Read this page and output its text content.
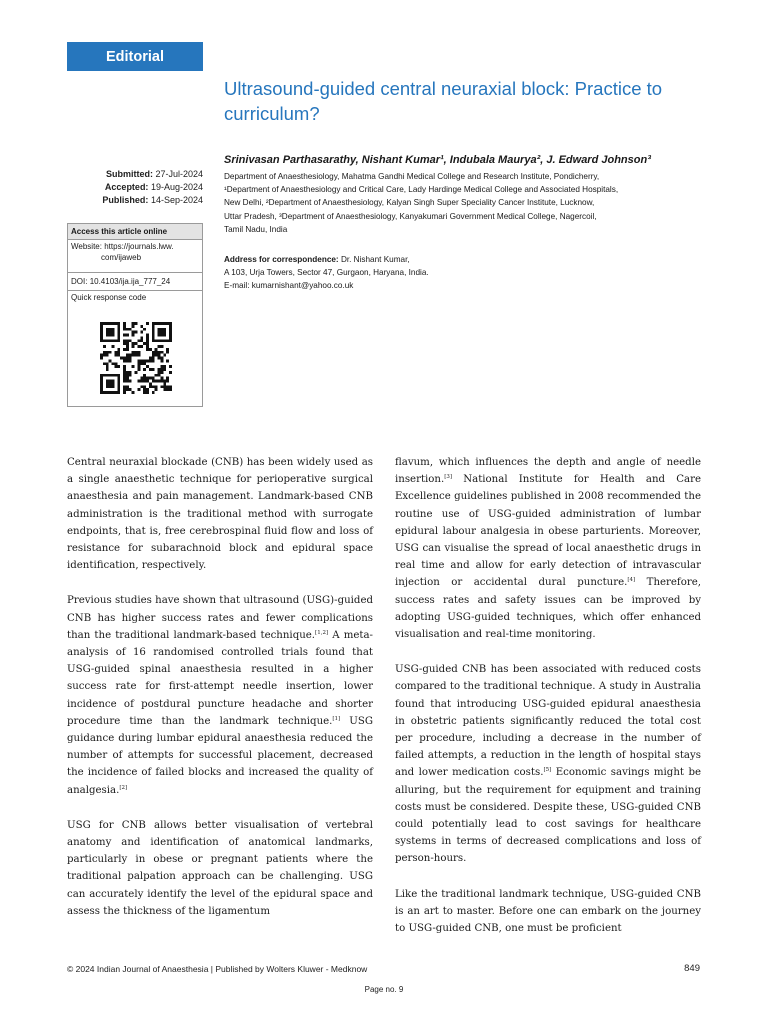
Editorial
Ultrasound-guided central neuraxial block: Practice to curriculum?
Submitted: 27-Jul-2024
Accepted: 19-Aug-2024
Published: 14-Sep-2024
Access this article online
Website: https://journals.lww.
com/ijaweb
DOI: 10.4103/ija.ija_777_24
Quick response code
Srinivasan Parthasarathy, Nishant Kumar¹, Indubala Maurya², J. Edward Johnson³
Department of Anaesthesiology, Mahatma Gandhi Medical College and Research Institute, Pondicherry,
¹Department of Anaesthesiology and Critical Care, Lady Hardinge Medical College and Associated Hospitals,
New Delhi, ²Department of Anaesthesiology, Kalyan Singh Super Speciality Cancer Institute, Lucknow,
Uttar Pradesh, ³Department of Anaesthesiology, Kanyakumari Government Medical College, Nagercoil,
Tamil Nadu, India
Address for correspondence: Dr. Nishant Kumar,
A 103, Urja Towers, Sector 47, Gurgaon, Haryana, India.
E-mail: kumarnishant@yahoo.co.uk

Central neuraxial blockade (CNB) has been widely used as a single anaesthetic technique for perioperative surgical anaesthesia and pain management. Landmark-based CNB administration is the traditional method with surrogate endpoints, that is, free cerebrospinal fluid flow and loss of resistance for subarachnoid block and epidural space identification, respectively.

Previous studies have shown that ultrasound (USG)-guided CNB has higher success rates and fewer complications than the traditional landmark-based technique.[1,2] A meta-analysis of 16 randomised controlled trials found that USG-guided spinal anaesthesia resulted in a higher success rate for first-attempt needle insertion, lower incidence of postdural puncture headache and shorter procedure time than the landmark technique.[1] USG guidance during lumbar epidural anaesthesia reduced the number of attempts for successful placement, decreased the incidence of failed blocks and increased the quality of analgesia.[2]

USG for CNB allows better visualisation of vertebral anatomy and identification of anatomical landmarks, particularly in obese or pregnant patients where the traditional palpation approach can be challenging. USG can accurately identify the level of the epidural space and assess the thickness of the ligamentum

flavum, which influences the depth and angle of needle insertion.[3] National Institute for Health and Care Excellence guidelines published in 2008 recommended the routine use of USG-guided administration of lumbar epidural labour analgesia in obese parturients. Moreover, USG can visualise the spread of local anaesthetic drugs in real time and allow for early detection of intravascular injection or accidental dural puncture.[4] Therefore, success rates and safety issues can be improved by adopting USG-guided techniques, which offer enhanced visualisation and real-time monitoring.

USG-guided CNB has been associated with reduced costs compared to the traditional technique. A study in Australia found that introducing USG-guided epidural anaesthesia in obstetric patients significantly reduced the total cost per procedure, including a decrease in the number of failed attempts, a reduction in the length of hospital stays and lower medication costs.[5] Economic savings might be alluring, but the requirement for equipment and training costs must be considered. Despite these, USG-guided CNB could potentially lead to cost savings for healthcare systems in terms of decreased complications and loss of person-hours.

Like the traditional landmark technique, USG-guided CNB is an art to master. Before one can embark on the journey to USG-guided CNB, one must be proficient

© 2024 Indian Journal of Anaesthesia | Published by Wolters Kluwer - Medknow	849
Page no. 9
